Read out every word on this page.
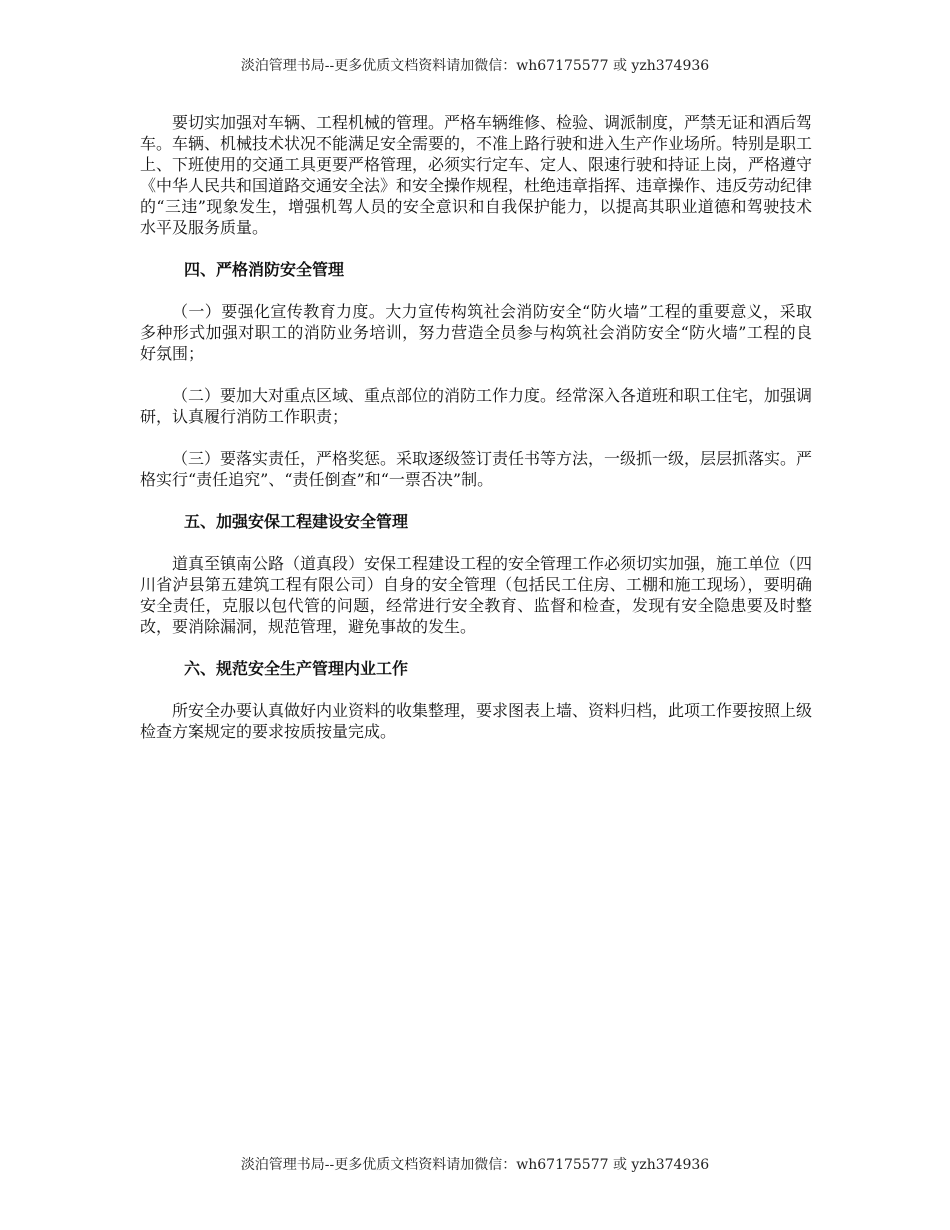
淡泊管理书局--更多优质文档资料请加微信：wh67175577 或 yzh374936

要切实加强对车辆、工程机械的管理。严格车辆维修、检验、调派制度，严禁无证和酒后驾车。车辆、机械技术状况不能满足安全需要的，不准上路行驶和进入生产作业场所。特别是职工上、下班使用的交通工具更要严格管理，必须实行定车、定人、限速行驶和持证上岗，严格遵守《中华人民共和国道路交通安全法》和安全操作规程，杜绝违章指挥、违章操作、违反劳动纪律的“三违”现象发生，增强机驾人员的安全意识和自我保护能力，以提高其职业道德和驾驶技术水平及服务质量。

四、严格消防安全管理

（一）要强化宣传教育力度。大力宣传构筑社会消防安全“防火墙”工程的重要意义，采取多种形式加强对职工的消防业务培训，努力营造全员参与构筑社会消防安全“防火墙”工程的良好氛围；

（二）要加大对重点区域、重点部位的消防工作力度。经常深入各道班和职工住宅，加强调研，认真履行消防工作职责；

（三）要落实责任，严格奖惩。采取逐级签订责任书等方法，一级抓一级，层层抓落实。严格实行“责任追究”、“责任倒查”和“一票否决”制。

五、加强安保工程建设安全管理

道真至镇南公路（道真段）安保工程建设工程的安全管理工作必须切实加强，施工单位（四川省泸县第五建筑工程有限公司）自身的安全管理（包括民工住房、工棚和施工现场），要明确安全责任，克服以包代管的问题，经常进行安全教育、监督和检查，发现有安全隐患要及时整改，要消除漏洞，规范管理，避免事故的发生。

六、规范安全生产管理内业工作

所安全办要认真做好内业资料的收集整理，要求图表上墙、资料归档，此项工作要按照上级检查方案规定的要求按质按量完成。

淡泊管理书局--更多优质文档资料请加微信：wh67175577 或 yzh374936
